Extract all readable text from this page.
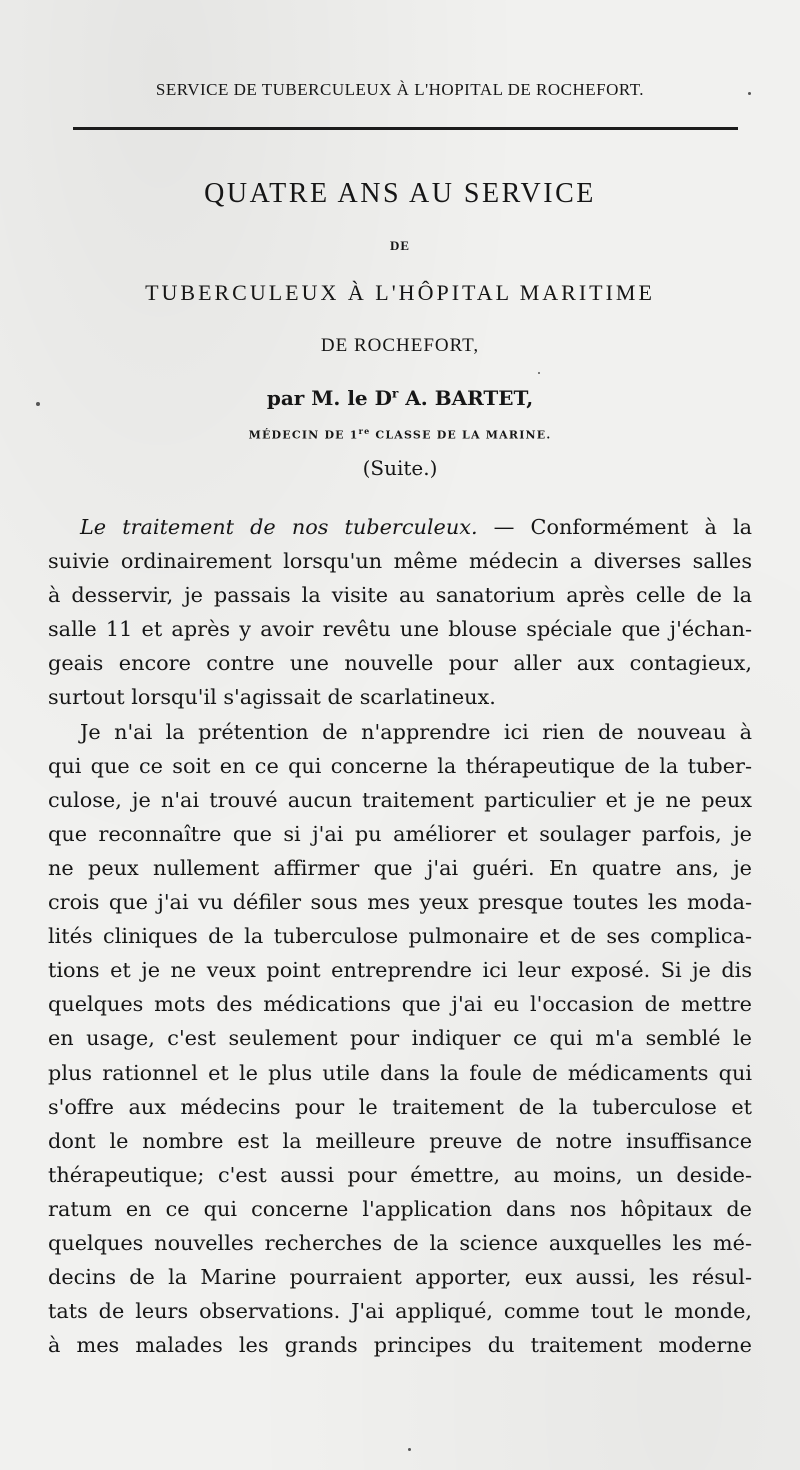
SERVICE DE TUBERCULEUX À L'HOPITAL DE ROCHEFORT.
QUATRE ANS AU SERVICE
DE
TUBERCULEUX À L'HÔPITAL MARITIME
DE ROCHEFORT,
par M. le $D^r$ A. BARTET,
MÉDECIN DE 1re CLASSE DE LA MARINE.
(Suite.)
Le traitement de nos tuberculeux. — Conformément à la
suivie ordinairement lorsqu'un même médecin a diverses salles
à desservir, je passais la visite au sanatorium après celle de la
salle 11 et après y avoir revêtu une blouse spéciale que j'échan-
geais encore contre une nouvelle pour aller aux contagieux,
surtout lorsqu'il s'agissait de scarlatineux.
Je n'ai la prétention de n'apprendre ici rien de nouveau à
qui que ce soit en ce qui concerne la thérapeutique de la tuber-
culose, je n'ai trouvé aucun traitement particulier et je ne peux
que reconnaître que si j'ai pu améliorer et soulager parfois, je
ne peux nullement affirmer que j'ai guéri. En quatre ans, je
crois que j'ai vu défiler sous mes yeux presque toutes les moda-
lités cliniques de la tuberculose pulmonaire et de ses complica-
tions et je ne veux point entreprendre ici leur exposé. Si je dis
quelques mots des médications que j'ai eu l'occasion de mettre
en usage, c'est seulement pour indiquer ce qui m'a semblé le
plus rationnel et le plus utile dans la foule de médicaments qui
s'offre aux médecins pour le traitement de la tuberculose et
dont le nombre est la meilleure preuve de notre insuffisance
thérapeutique; c'est aussi pour émettre, au moins, un deside-
ratum en ce qui concerne l'application dans nos hôpitaux de
quelques nouvelles recherches de la science auxquelles les mé-
decins de la Marine pourraient apporter, eux aussi, les résul-
tats de leurs observations. J'ai appliqué, comme tout le monde,
à mes malades les grands principes du traitement moderne
